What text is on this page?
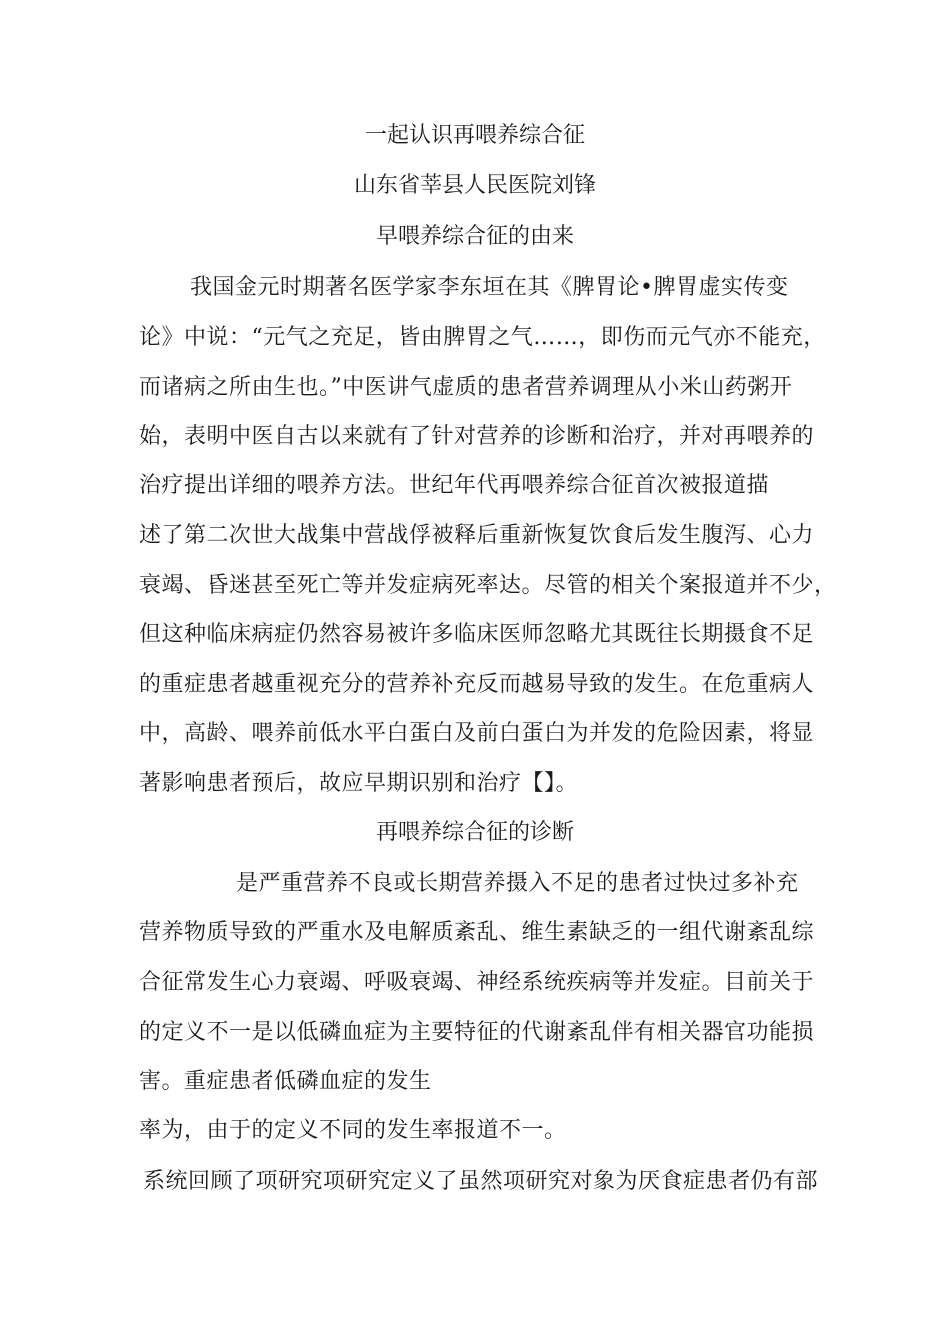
一起认识再喂养综合征
山东省莘县人民医院刘锋
早喂养综合征的由来
我国金元时期著名医学家李东垣在其《脾胃论•脾胃虚实传变
论》中说：“元气之充足，皆由脾胃之气……，即伤而元气亦不能充，
而诸病之所由生也。”中医讲气虚质的患者营养调理从小米山药粥开
始，表明中医自古以来就有了针对营养的诊断和治疗，并对再喂养的
治疗提出详细的喂养方法。世纪年代再喂养综合征首次被报道描
述了第二次世大战集中营战俘被释后重新恢复饮食后发生腹泻、心力
衰竭、昏迷甚至死亡等并发症病死率达。尽管的相关个案报道并不少，
但这种临床病症仍然容易被许多临床医师忽略尤其既往长期摄食不足
的重症患者越重视充分的营养补充反而越易导致的发生。在危重病人
中，高龄、喂养前低水平白蛋白及前白蛋白为并发的危险因素，将显
著影响患者预后，故应早期识别和治疗【】。
再喂养综合征的诊断
是严重营养不良或长期营养摄入不足的患者过快过多补充
营养物质导致的严重水及电解质紊乱、维生素缺乏的一组代谢紊乱综
合征常发生心力衰竭、呼吸衰竭、神经系统疾病等并发症。目前关于
的定义不一是以低磷血症为主要特征的代谢紊乱伴有相关器官功能损
害。重症患者低磷血症的发生
率为，由于的定义不同的发生率报道不一。
系统回顾了项研究项研究定义了虽然项研究对象为厌食症患者仍有部
